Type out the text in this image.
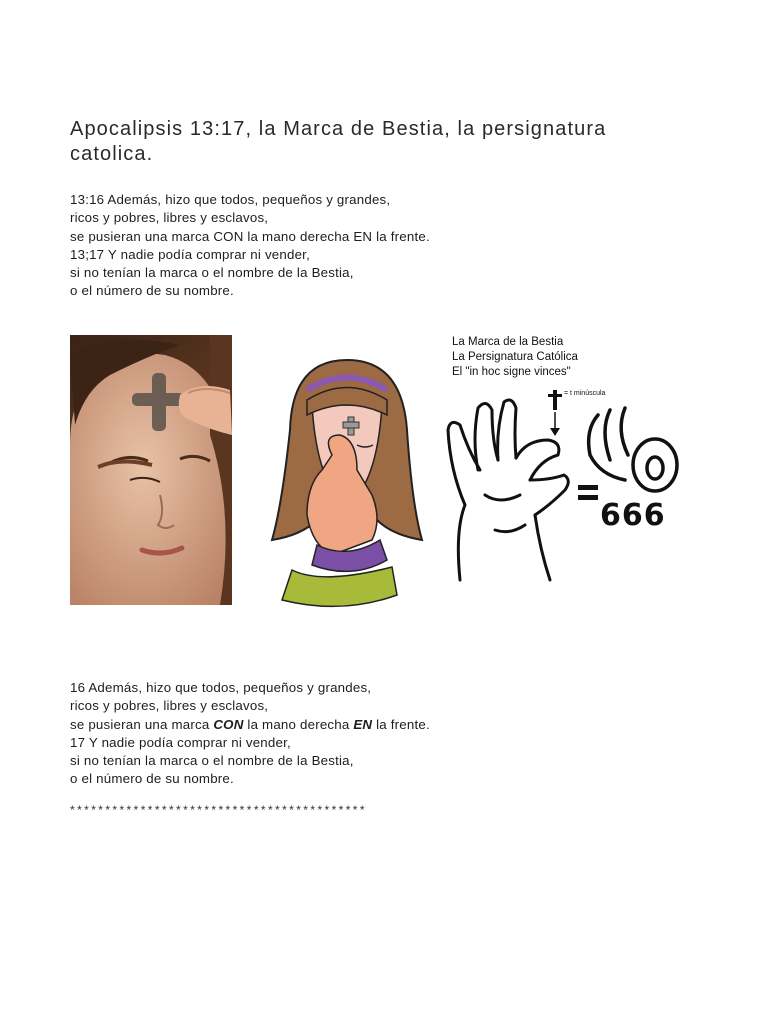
Apocalipsis 13:17, la Marca de Bestia, la persignatura catolica.
13:16 Además, hizo que todos, pequeños y grandes,
ricos y pobres, libres y esclavos,
se pusieran una marca CON la mano derecha EN la frente.
13;17 Y nadie podía comprar ni vender,
si no tenían la marca o el nombre de la Bestia,
o el número de su nombre.
La Marca de la Bestia
La Persignatura Católica
El "in hoc signe vinces"
= t minúscula
666
16 Además, hizo que todos, pequeños y grandes,
ricos y pobres, libres y esclavos,
se pusieran una marca CON la mano derecha EN la frente.
17 Y nadie podía comprar ni vender,
si no tenían la marca o el nombre de la Bestia,
o el número de su nombre.
******************************************
